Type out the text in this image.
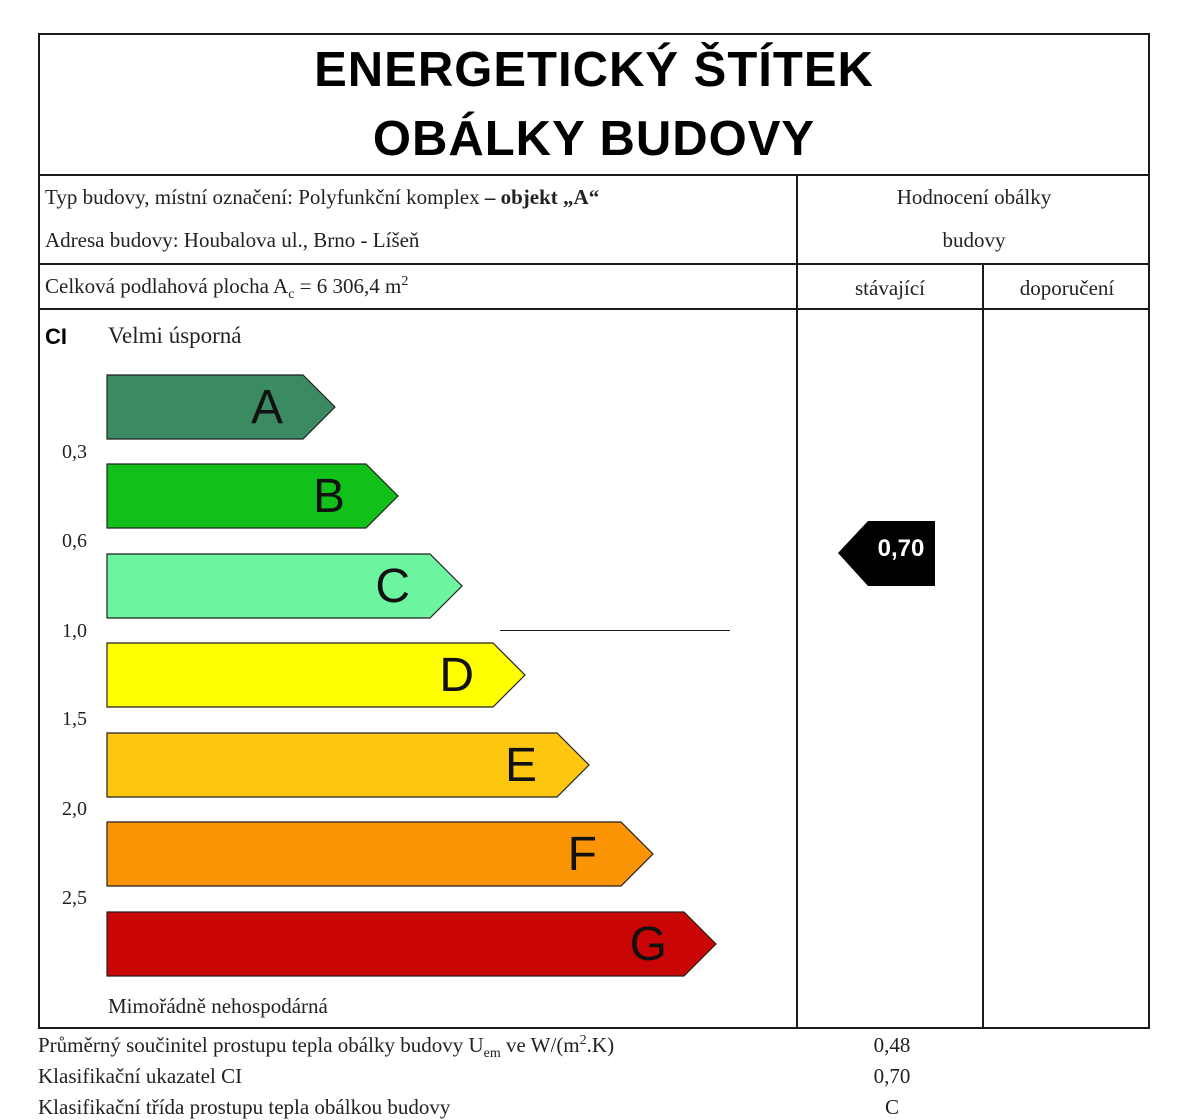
ENERGETICKÝ ŠTÍTEK
OBÁLKY BUDOVY
Typ budovy, místní označení: Polyfunkční komplex – objekt „A“
Adresa budovy: Houbalova ul., Brno - Líšeň
Celková podlahová plocha $A_c = 6$ 306,4 $m^2$
Hodnocení obálky
budovy
stávající	doporučení
CI Velmi úsporná
Mimořádně nehospodárná
0,3
0,6
1,0
1,5
2,0
2,5
A
B
C
D
E
F
G
0,70
Průměrný součinitel prostupu tepla obálky budovy $U_{em}$ ve $W/(m^2.K)$	0,48
Klasifikační ukazatel CI	0,70
Klasifikační třída prostupu tepla obálkou budovy	C
